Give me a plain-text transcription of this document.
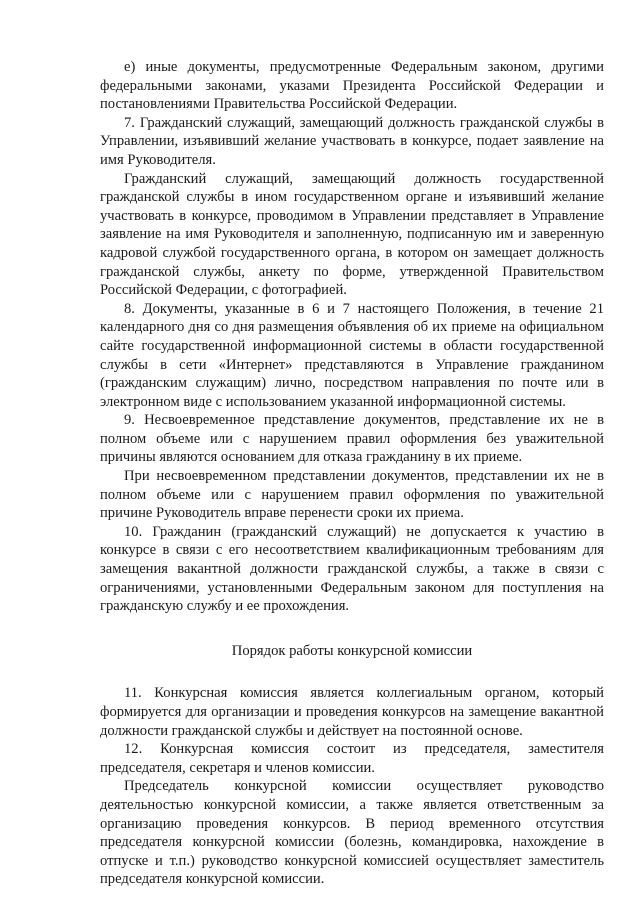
е) иные документы, предусмотренные Федеральным законом, другими федеральными законами, указами Президента Российской Федерации и постановлениями Правительства Российской Федерации.

7. Гражданский служащий, замещающий должность гражданской службы в Управлении, изъявивший желание участвовать в конкурсе, подает заявление на имя Руководителя.

Гражданский служащий, замещающий должность государственной гражданской службы в ином государственном органе и изъявивший желание участвовать в конкурсе, проводимом в Управлении представляет в Управление заявление на имя Руководителя и заполненную, подписанную им и заверенную кадровой службой государственного органа, в котором он замещает должность гражданской службы, анкету по форме, утвержденной Правительством Российской Федерации, с фотографией.

8. Документы, указанные в 6 и 7 настоящего Положения, в течение 21 календарного дня со дня размещения объявления об их приеме на официальном сайте государственной информационной системы в области государственной службы в сети «Интернет» представляются в Управление гражданином (гражданским служащим) лично, посредством направления по почте или в электронном виде с использованием указанной информационной системы.

9. Несвоевременное представление документов, представление их не в полном объеме или с нарушением правил оформления без уважительной причины являются основанием для отказа гражданину в их приеме.

При несвоевременном представлении документов, представлении их не в полном объеме или с нарушением правил оформления по уважительной причине Руководитель вправе перенести сроки их приема.

10. Гражданин (гражданский служащий) не допускается к участию в конкурсе в связи с его несоответствием квалификационным требованиям для замещения вакантной должности гражданской службы, а также в связи с ограничениями, установленными Федеральным законом для поступления на гражданскую службу и ее прохождения.

Порядок работы конкурсной комиссии

11. Конкурсная комиссия является коллегиальным органом, который формируется для организации и проведения конкурсов на замещение вакантной должности гражданской службы и действует на постоянной основе.

12. Конкурсная комиссия состоит из председателя, заместителя председателя, секретаря и членов комиссии.

Председатель конкурсной комиссии осуществляет руководство деятельностью конкурсной комиссии, а также является ответственным за организацию проведения конкурсов. В период временного отсутствия председателя конкурсной комиссии (болезнь, командировка, нахождение в отпуске и т.п.) руководство конкурсной комиссией осуществляет заместитель председателя конкурсной комиссии.
